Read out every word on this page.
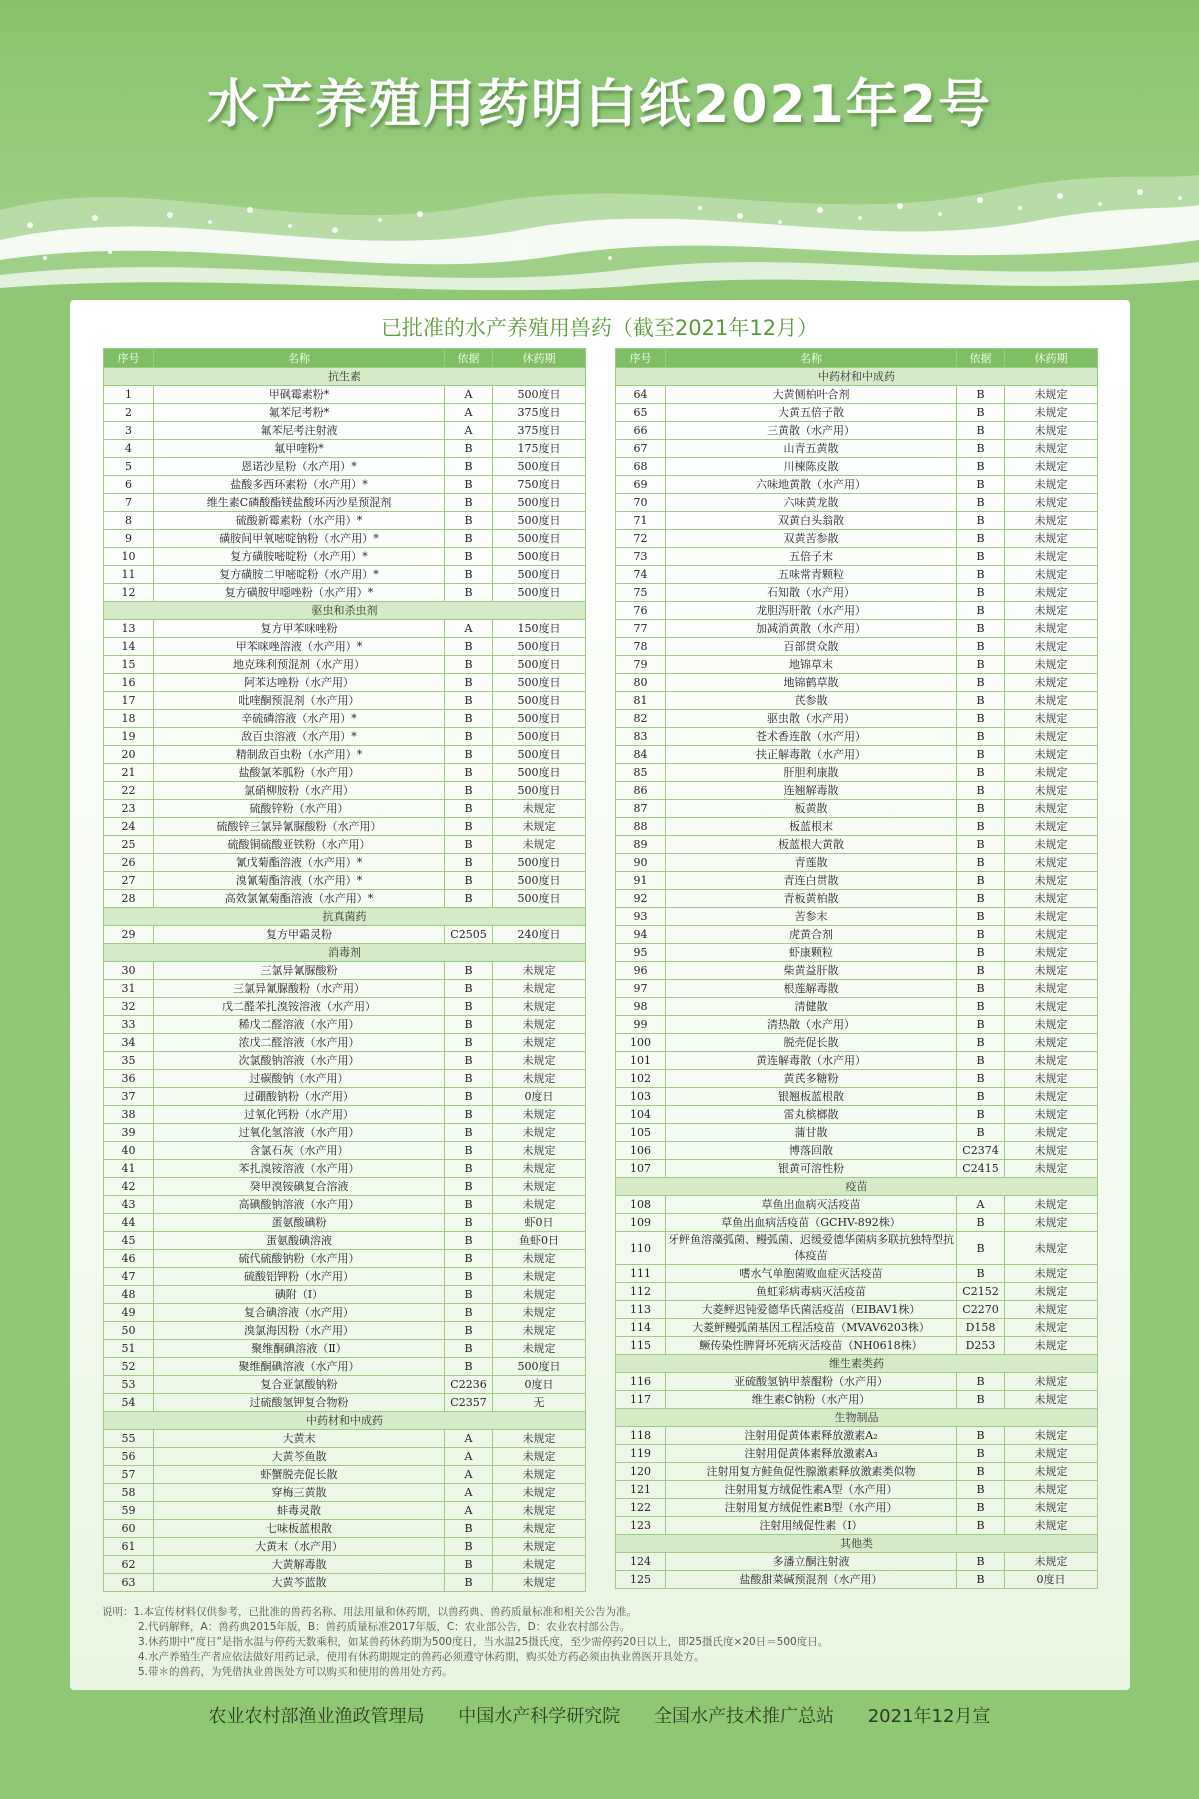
水产养殖用药明白纸2021年2号
已批准的水产养殖用兽药（截至2021年12月）
序号	名称	依据	休药期
抗生素			
1	甲砜霉素粉*	A	500度日
2	氟苯尼考粉*	A	375度日
3	氟苯尼考注射液	A	375度日
4	氟甲喹粉*	B	175度日
5	恩诺沙星粉（水产用）*	B	500度日
6	盐酸多西环素粉（水产用）*	B	750度日
7	维生素C磷酸酯镁盐酸环丙沙星预混剂	B	500度日
8	硫酸新霉素粉（水产用）*	B	500度日
9	磺胺间甲氧嘧啶钠粉（水产用）*	B	500度日
10	复方磺胺嘧啶粉（水产用）*	B	500度日
11	复方磺胺二甲嘧啶粉（水产用）*	B	500度日
12	复方磺胺甲噁唑粉（水产用）*	B	500度日
驱虫和杀虫剂			
13	复方甲苯咪唑粉	A	150度日
14	甲苯咪唑溶液（水产用）*	B	500度日
15	地克珠利预混剂（水产用）	B	500度日
16	阿苯达唑粉（水产用）	B	500度日
17	吡喹酮预混剂（水产用）	B	500度日
18	辛硫磷溶液（水产用）*	B	500度日
19	敌百虫溶液（水产用）*	B	500度日
20	精制敌百虫粉（水产用）*	B	500度日
21	盐酸氯苯胍粉（水产用）	B	500度日
22	氯硝柳胺粉（水产用）	B	500度日
23	硫酸锌粉（水产用）	B	未规定
24	硫酸锌三氯异氰脲酸粉（水产用）	B	未规定
25	硫酸铜硫酸亚铁粉（水产用）	B	未规定
26	氰戊菊酯溶液（水产用）*	B	500度日
27	溴氰菊酯溶液（水产用）*	B	500度日
28	高效氯氰菊酯溶液（水产用）*	B	500度日
抗真菌药			
29	复方甲霜灵粉	C2505	240度日
消毒剂			
30	三氯异氰脲酸粉	B	未规定
31	三氯异氰脲酸粉（水产用）	B	未规定
32	戊二醛苯扎溴铵溶液（水产用）	B	未规定
33	稀戊二醛溶液（水产用）	B	未规定
34	浓戊二醛溶液（水产用）	B	未规定
35	次氯酸钠溶液（水产用）	B	未规定
36	过碳酸钠（水产用）	B	未规定
37	过硼酸钠粉（水产用）	B	0度日
38	过氧化钙粉（水产用）	B	未规定
39	过氧化氢溶液（水产用）	B	未规定
40	含氯石灰（水产用）	B	未规定
41	苯扎溴铵溶液（水产用）	B	未规定
42	癸甲溴铵碘复合溶液	B	未规定
43	高碘酸钠溶液（水产用）	B	未规定
44	蛋氨酸碘粉	B	虾0日
45	蛋氨酸碘溶液	B	鱼虾0日
46	硫代硫酸钠粉（水产用）	B	未规定
47	硫酸铝钾粉（水产用）	B	未规定
48	碘附（Ⅰ）	B	未规定
49	复合碘溶液（水产用）	B	未规定
50	溴氯海因粉（水产用）	B	未规定
51	聚维酮碘溶液（Ⅱ）	B	未规定
52	聚维酮碘溶液（水产用）	B	500度日
53	复合亚氯酸钠粉	C2236	0度日
54	过硫酸氢钾复合物粉	C2357	无
中药材和中成药			
55	大黄末	A	未规定
56	大黄芩鱼散	A	未规定
57	虾蟹脱壳促长散	A	未规定
58	穿梅三黄散	A	未规定
59	蚌毒灵散	A	未规定
60	七味板蓝根散	B	未规定
61	大黄末（水产用）	B	未规定
62	大黄解毒散	B	未规定
63	大黄芩蓝散	B	未规定
序号	名称	依据	休药期
中药材和中成药			
64	大黄侧柏叶合剂	B	未规定
65	大黄五倍子散	B	未规定
66	三黄散（水产用）	B	未规定
67	山青五黄散	B	未规定
68	川楝陈皮散	B	未规定
69	六味地黄散（水产用）	B	未规定
70	六味黄龙散	B	未规定
71	双黄白头翁散	B	未规定
72	双黄苦参散	B	未规定
73	五倍子末	B	未规定
74	五味常青颗粒	B	未规定
75	石知散（水产用）	B	未规定
76	龙胆泻肝散（水产用）	B	未规定
77	加减消黄散（水产用）	B	未规定
78	百部贯众散	B	未规定
79	地锦草末	B	未规定
80	地锦鹤草散	B	未规定
81	芪参散	B	未规定
82	驱虫散（水产用）	B	未规定
83	苍术香连散（水产用）	B	未规定
84	扶正解毒散（水产用）	B	未规定
85	肝胆利康散	B	未规定
86	连翘解毒散	B	未规定
87	板黄散	B	未规定
88	板蓝根末	B	未规定
89	板蓝根大黄散	B	未规定
90	青莲散	B	未规定
91	青连白贯散	B	未规定
92	青板黄柏散	B	未规定
93	苦参末	B	未规定
94	虎黄合剂	B	未规定
95	虾康颗粒	B	未规定
96	柴黄益肝散	B	未规定
97	根莲解毒散	B	未规定
98	清健散	B	未规定
99	清热散（水产用）	B	未规定
100	脱壳促长散	B	未规定
101	黄连解毒散（水产用）	B	未规定
102	黄芪多糖粉	B	未规定
103	银翘板蓝根散	B	未规定
104	雷丸槟榔散	B	未规定
105	蒲甘散	B	未规定
106	博落回散	C2374	未规定
107	银黄可溶性粉	C2415	未规定
疫苗			
108	草鱼出血病灭活疫苗	A	未规定
109	草鱼出血病活疫苗（GCHV-892株）	B	未规定
110	牙鲆鱼溶藻弧菌、鳗弧菌、迟缓爱德华菌病多联抗独特型抗体疫苗	B	未规定
111	嗜水气单胞菌败血症灭活疫苗	B	未规定
112	鱼虹彩病毒病灭活疫苗	C2152	未规定
113	大菱鲆迟钝爱德华氏菌活疫苗（EIBAV1株）	C2270	未规定
114	大菱鲆鳗弧菌基因工程活疫苗（MVAV6203株）	D158	未规定
115	鳜传染性脾肾坏死病灭活疫苗（NH0618株）	D253	未规定
维生素类药			
116	亚硫酸氢钠甲萘醌粉（水产用）	B	未规定
117	维生素C钠粉（水产用）	B	未规定
生物制品			
118	注射用促黄体素释放激素A₂	B	未规定
119	注射用促黄体素释放激素A₃	B	未规定
120	注射用复方鲑鱼促性腺激素释放激素类似物	B	未规定
121	注射用复方绒促性素A型（水产用）	B	未规定
122	注射用复方绒促性素B型（水产用）	B	未规定
123	注射用绒促性素（Ⅰ）	B	未规定
其他类			
124	多潘立酮注射液	B	未规定
125	盐酸甜菜碱预混剂（水产用）	B	0度日
说明：1.本宣传材料仅供参考，已批准的兽药名称、用法用量和休药期，以兽药典、兽药质量标准和相关公告为准。
2.代码解释，A：兽药典2015年版，B：兽药质量标准2017年版，C：农业部公告，D：农业农村部公告。
3.休药期中“度日”是指水温与停药天数乘积，如某兽药休药期为500度日，当水温25摄氏度，至少需停药20日以上，即25摄氏度×20日＝500度日。
4.水产养殖生产者应依法做好用药记录，使用有休药期规定的兽药必须遵守休药期，购买处方药必须由执业兽医开具处方。
5.带＊的兽药，为凭借执业兽医处方可以购买和使用的兽用处方药。
农业农村部渔业渔政管理局 中国水产科学研究院 全国水产技术推广总站 2021年12月宣
